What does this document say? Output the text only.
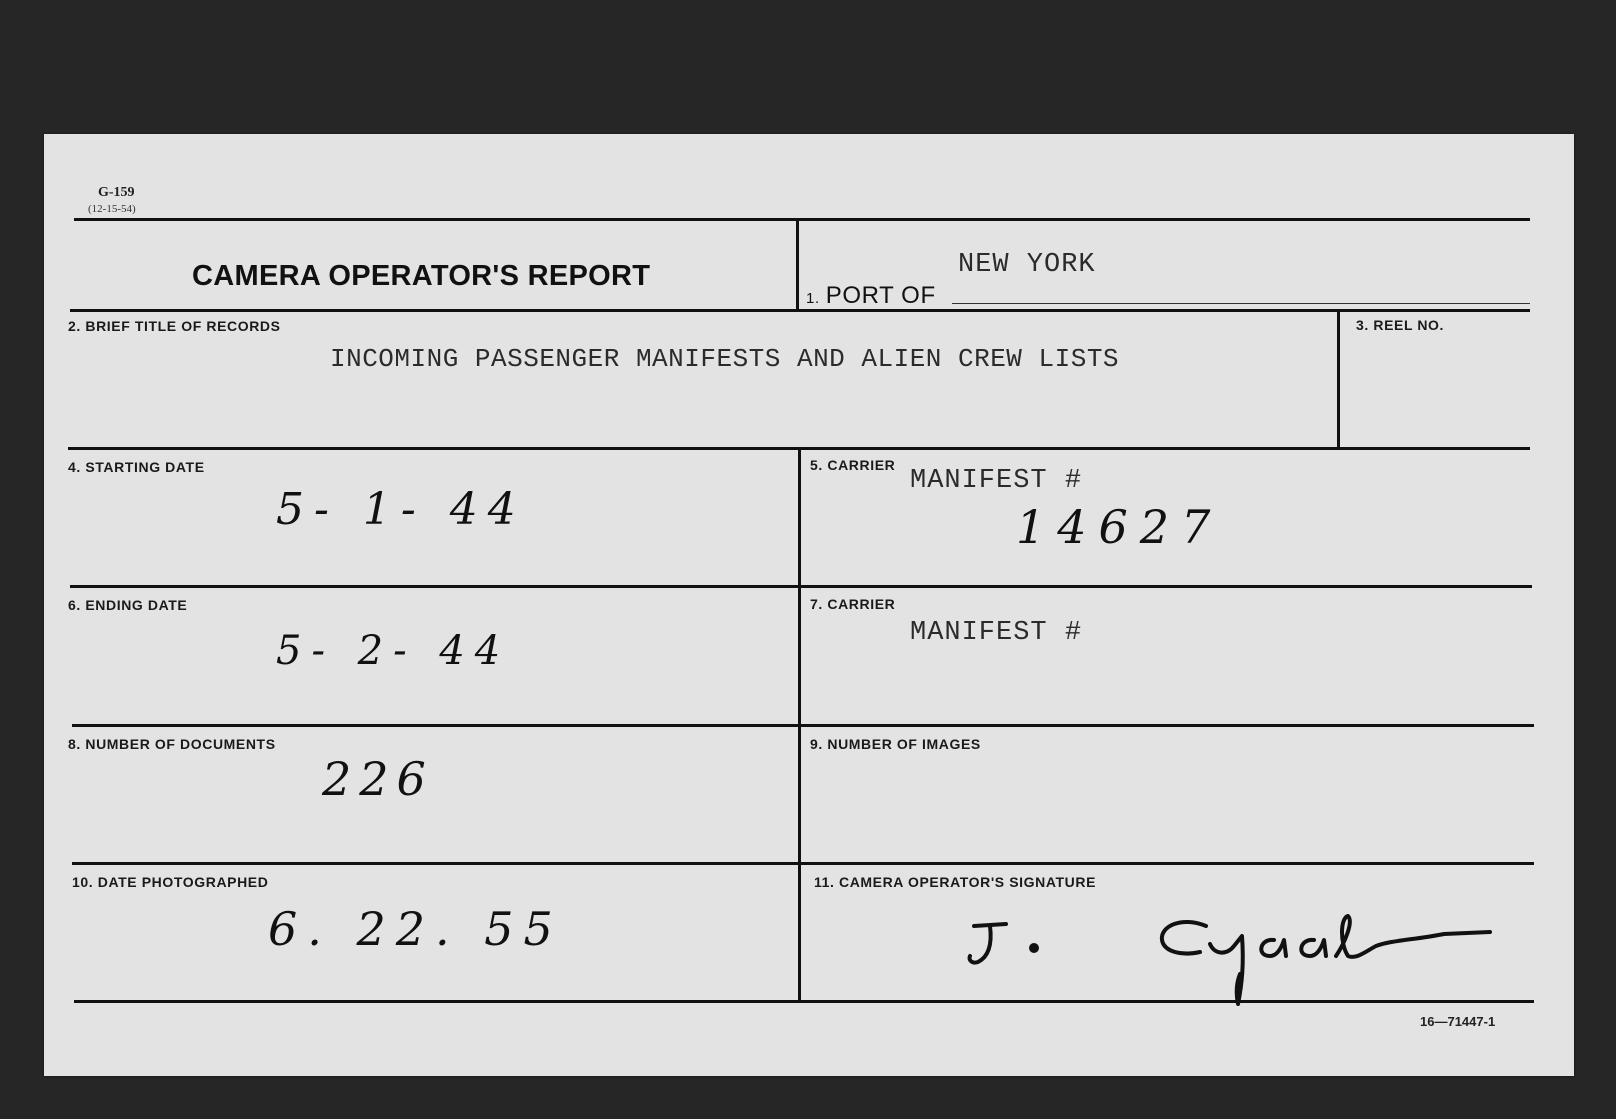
G-159
(12-15-54)
CAMERA OPERATOR'S REPORT
1. PORT OF
NEW YORK
2. BRIEF TITLE OF RECORDS
INCOMING PASSENGER MANIFESTS AND ALIEN CREW LISTS
3. REEL NO.
4. STARTING DATE
5- 1- 44
5. CARRIER
MANIFEST #
14627
6. ENDING DATE
5- 2- 44
7. CARRIER
MANIFEST #
8. NUMBER OF DOCUMENTS
226
9. NUMBER OF IMAGES
10. DATE PHOTOGRAPHED
6. 22. 55
11. CAMERA OPERATOR'S SIGNATURE
16—71447-1
